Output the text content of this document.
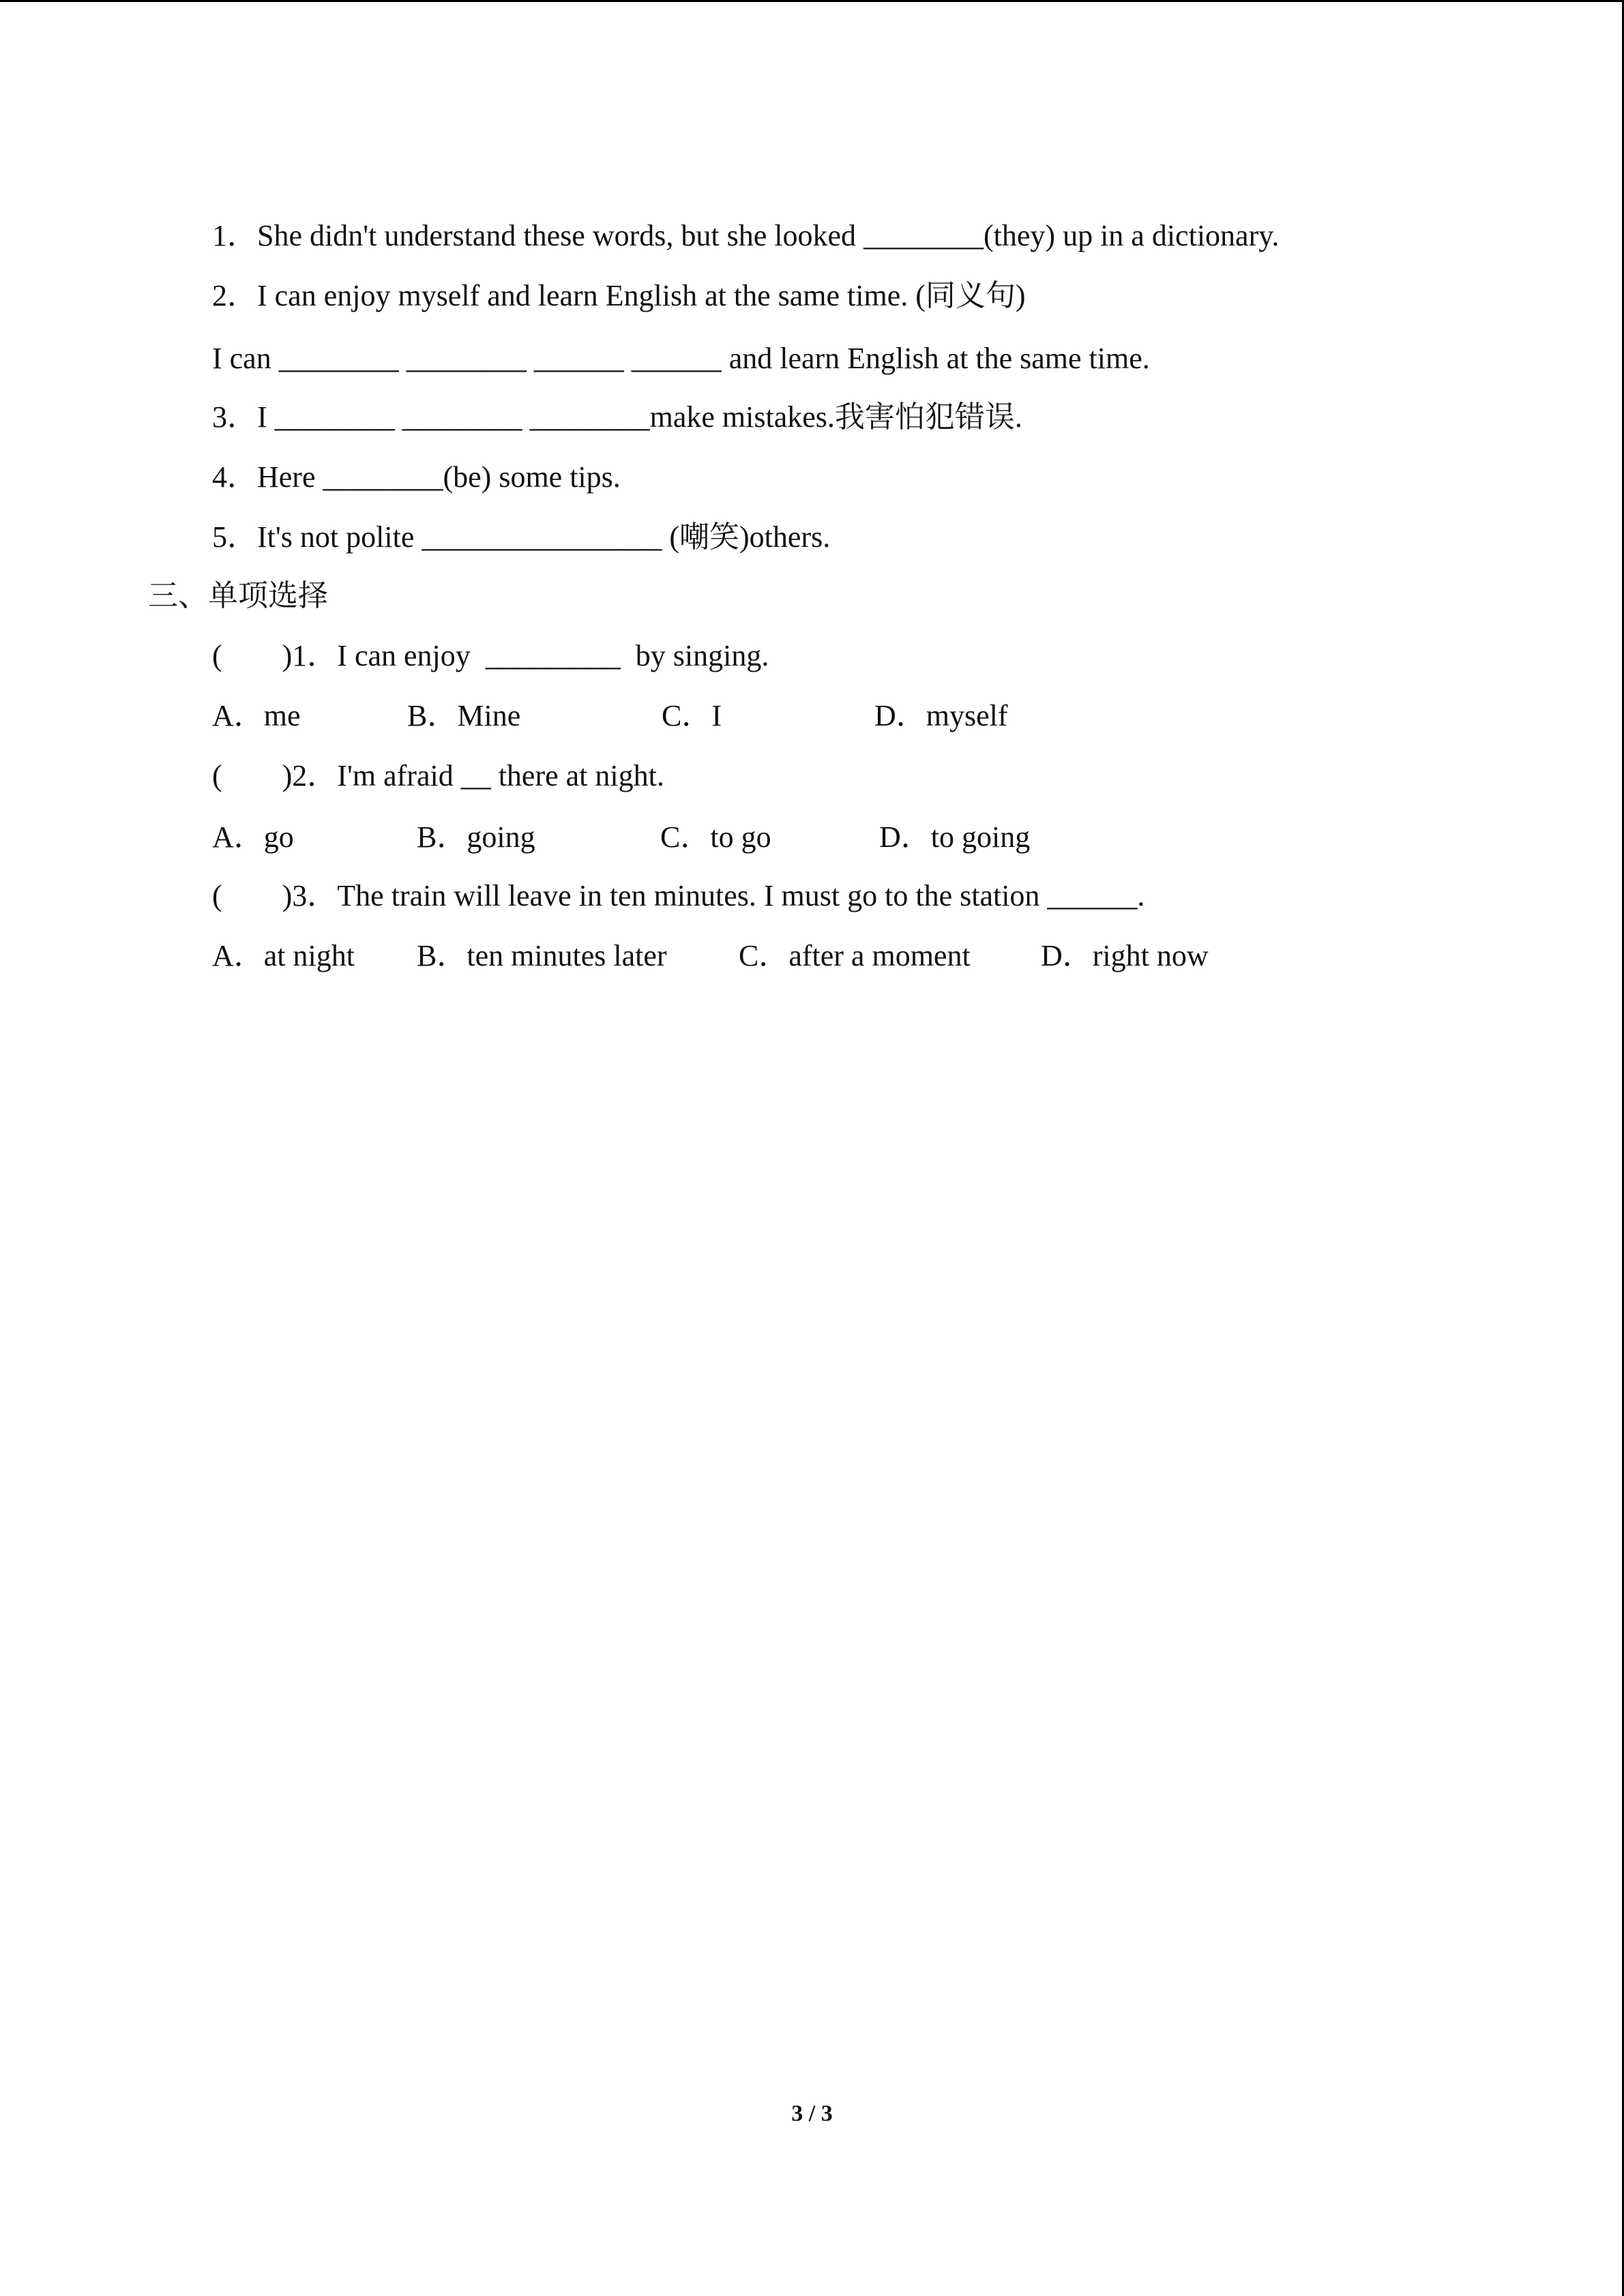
1．She didn't understand these words, but she looked ________(they) up in a dictionary.
2．I can enjoy myself and learn English at the same time. (同义句)
I can ________ ________ ______ ______ and learn English at the same time.
3．I ________ ________ ________make mistakes.我害怕犯错误.
4．Here ________(be) some tips.
5．It's not polite ________________ (嘲笑)others.
三、单项选择
(        )1．I can enjoy  _________  by singing.
A．me	B．Mine	C．I	D．myself
(        )2．I'm afraid __ there at night.
A．go	B．going	C．to go	D．to going
(        )3．The train will leave in ten minutes. I must go to the station ______.
A．at night B．ten minutes later C．after a moment D．right now
3 / 3
